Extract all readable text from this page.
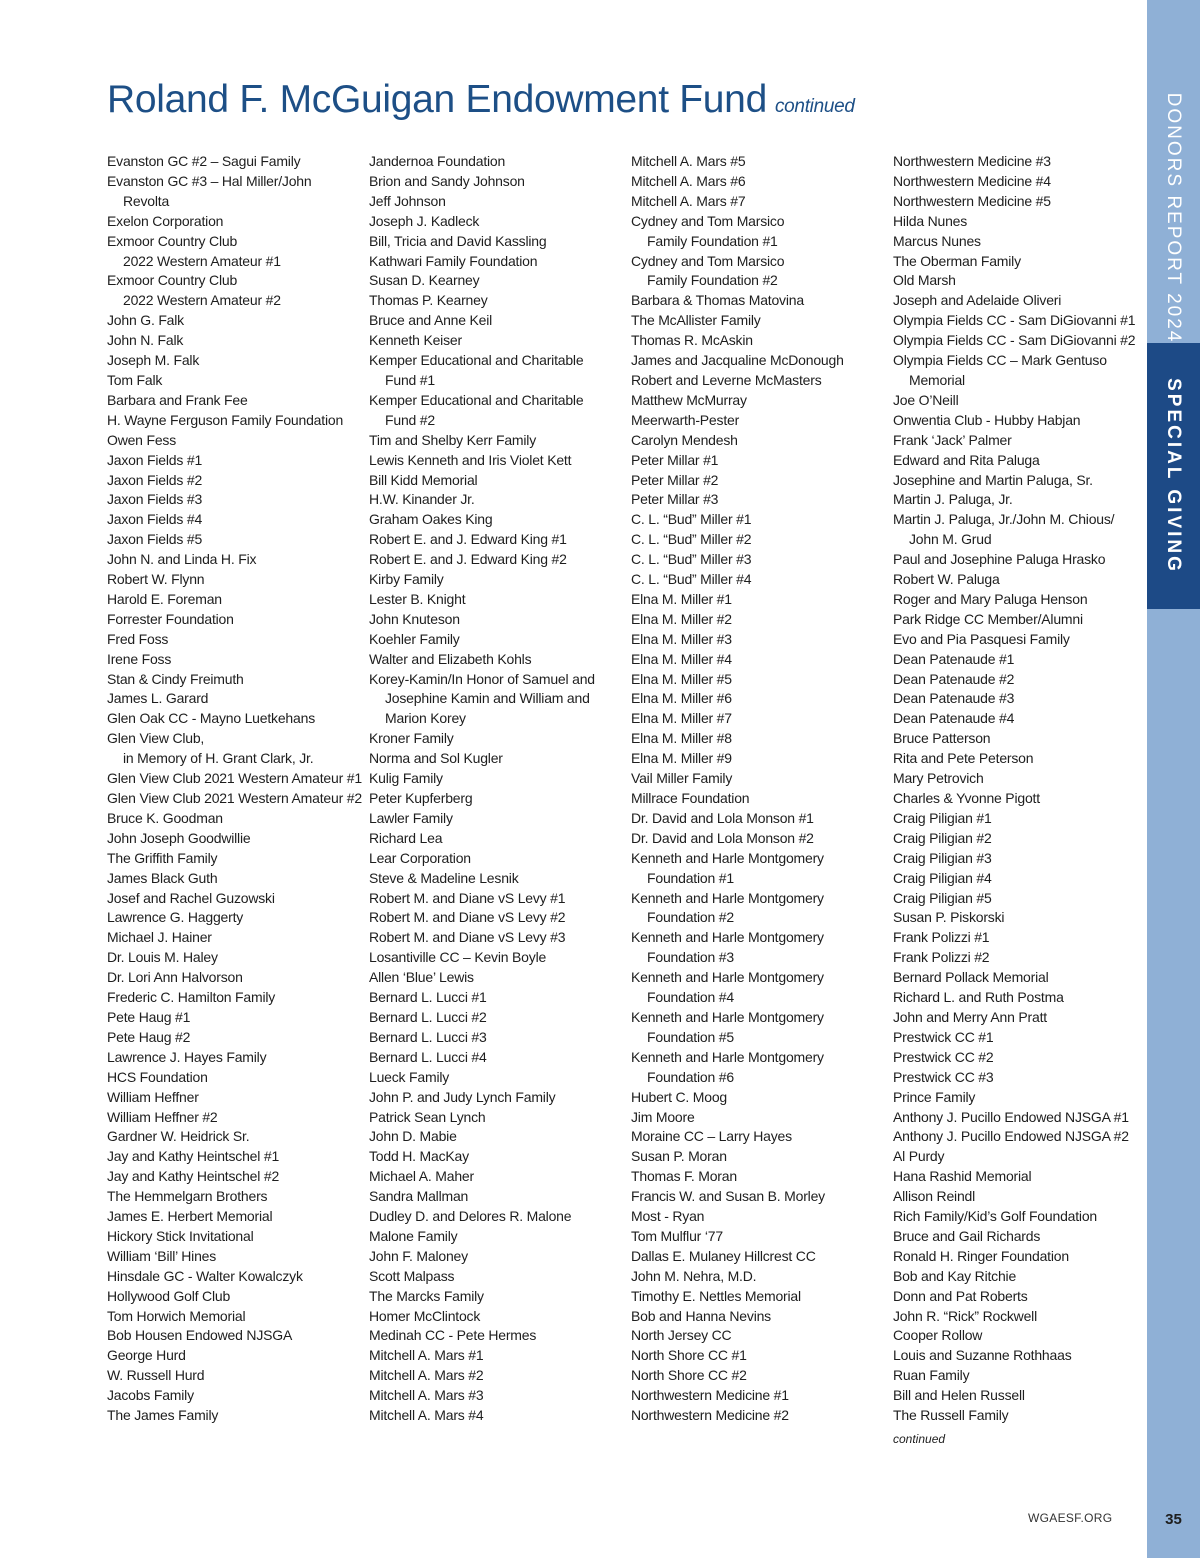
Roland F. McGuigan Endowment Fund continued
Evanston GC #2 – Sagui Family
Evanston GC #3 – Hal Miller/John
Revolta
Exelon Corporation
Exmoor Country Club
2022 Western Amateur #1
Exmoor Country Club
2022 Western Amateur #2
John G. Falk
John N. Falk
Joseph M. Falk
Tom Falk
Barbara and Frank Fee
H. Wayne Ferguson Family Foundation
Owen Fess
Jaxon Fields #1
Jaxon Fields #2
Jaxon Fields #3
Jaxon Fields #4
Jaxon Fields #5
John N. and Linda H. Fix
Robert W. Flynn
Harold E. Foreman
Forrester Foundation
Fred Foss
Irene Foss
Stan & Cindy Freimuth
James L. Garard
Glen Oak CC - Mayno Luetkehans
Glen View Club,
in Memory of H. Grant Clark, Jr.
Glen View Club 2021 Western Amateur #1
Glen View Club 2021 Western Amateur #2
Bruce K. Goodman
John Joseph Goodwillie
The Griffith Family
James Black Guth
Josef and Rachel Guzowski
Lawrence G. Haggerty
Michael J. Hainer
Dr. Louis M. Haley
Dr. Lori Ann Halvorson
Frederic C. Hamilton Family
Pete Haug #1
Pete Haug #2
Lawrence J. Hayes Family
HCS Foundation
William Heffner
William Heffner #2
Gardner W. Heidrick Sr.
Jay and Kathy Heintschel #1
Jay and Kathy Heintschel #2
The Hemmelgarn Brothers
James E. Herbert Memorial
Hickory Stick Invitational
William ‘Bill’ Hines
Hinsdale GC - Walter Kowalczyk
Hollywood Golf Club
Tom Horwich Memorial
Bob Housen Endowed NJSGA
George Hurd
W. Russell Hurd
Jacobs Family
The James Family
Jandernoa Foundation
Brion and Sandy Johnson
Jeff Johnson
Joseph J. Kadleck
Bill, Tricia and David Kassling
Kathwari Family Foundation
Susan D. Kearney
Thomas P. Kearney
Bruce and Anne Keil
Kenneth Keiser
Kemper Educational and Charitable
Fund #1
Kemper Educational and Charitable
Fund #2
Tim and Shelby Kerr Family
Lewis Kenneth and Iris Violet Kett
Bill Kidd Memorial
H.W. Kinander Jr.
Graham Oakes King
Robert E. and J. Edward King #1
Robert E. and J. Edward King #2
Kirby Family
Lester B. Knight
John Knuteson
Koehler Family
Walter and Elizabeth Kohls
Korey-Kamin/In Honor of Samuel and
Josephine Kamin and William and
Marion Korey
Kroner Family
Norma and Sol Kugler
Kulig Family
Peter Kupferberg
Lawler Family
Richard Lea
Lear Corporation
Steve & Madeline Lesnik
Robert M. and Diane vS Levy #1
Robert M. and Diane vS Levy #2
Robert M. and Diane vS Levy #3
Losantiville CC – Kevin Boyle
Allen ‘Blue’ Lewis
Bernard L. Lucci #1
Bernard L. Lucci #2
Bernard L. Lucci #3
Bernard L. Lucci #4
Lueck Family
John P. and Judy Lynch Family
Patrick Sean Lynch
John D. Mabie
Todd H. MacKay
Michael A. Maher
Sandra Mallman
Dudley D. and Delores R. Malone
Malone Family
John F. Maloney
Scott Malpass
The Marcks Family
Homer McClintock
Medinah CC - Pete Hermes
Mitchell A. Mars #1
Mitchell A. Mars #2
Mitchell A. Mars #3
Mitchell A. Mars #4
Mitchell A. Mars #5
Mitchell A. Mars #6
Mitchell A. Mars #7
Cydney and Tom Marsico
Family Foundation #1
Cydney and Tom Marsico
Family Foundation #2
Barbara & Thomas Matovina
The McAllister Family
Thomas R. McAskin
James and Jacqualine McDonough
Robert and Leverne McMasters
Matthew McMurray
Meerwarth-Pester
Carolyn Mendesh
Peter Millar #1
Peter Millar #2
Peter Millar #3
C. L. “Bud” Miller #1
C. L. “Bud” Miller #2
C. L. “Bud” Miller #3
C. L. “Bud” Miller #4
Elna M. Miller #1
Elna M. Miller #2
Elna M. Miller #3
Elna M. Miller #4
Elna M. Miller #5
Elna M. Miller #6
Elna M. Miller #7
Elna M. Miller #8
Elna M. Miller #9
Vail Miller Family
Millrace Foundation
Dr. David and Lola Monson #1
Dr. David and Lola Monson #2
Kenneth and Harle Montgomery
Foundation #1
Kenneth and Harle Montgomery
Foundation #2
Kenneth and Harle Montgomery
Foundation #3
Kenneth and Harle Montgomery
Foundation #4
Kenneth and Harle Montgomery
Foundation #5
Kenneth and Harle Montgomery
Foundation #6
Hubert C. Moog
Jim Moore
Moraine CC – Larry Hayes
Susan P. Moran
Thomas F. Moran
Francis W. and Susan B. Morley
Most - Ryan
Tom Mulflur ‘77
Dallas E. Mulaney Hillcrest CC
John M. Nehra, M.D.
Timothy E. Nettles Memorial
Bob and Hanna Nevins
North Jersey CC
North Shore CC #1
North Shore CC #2
Northwestern Medicine #1
Northwestern Medicine #2
Northwestern Medicine #3
Northwestern Medicine #4
Northwestern Medicine #5
Hilda Nunes
Marcus Nunes
The Oberman Family
Old Marsh
Joseph and Adelaide Oliveri
Olympia Fields CC - Sam DiGiovanni #1
Olympia Fields CC - Sam DiGiovanni #2
Olympia Fields CC – Mark Gentuso
Memorial
Joe O’Neill
Onwentia Club - Hubby Habjan
Frank ‘Jack’ Palmer
Edward and Rita Paluga
Josephine and Martin Paluga, Sr.
Martin J. Paluga, Jr.
Martin J. Paluga, Jr./John M. Chious/
John M. Grud
Paul and Josephine Paluga Hrasko
Robert W. Paluga
Roger and Mary Paluga Henson
Park Ridge CC Member/Alumni
Evo and Pia Pasquesi Family
Dean Patenaude #1
Dean Patenaude #2
Dean Patenaude #3
Dean Patenaude #4
Bruce Patterson
Rita and Pete Peterson
Mary Petrovich
Charles & Yvonne Pigott
Craig Piligian #1
Craig Piligian #2
Craig Piligian #3
Craig Piligian #4
Craig Piligian #5
Susan P. Piskorski
Frank Polizzi #1
Frank Polizzi #2
Bernard Pollack Memorial
Richard L. and Ruth Postma
John and Merry Ann Pratt
Prestwick CC #1
Prestwick CC #2
Prestwick CC #3
Prince Family
Anthony J. Pucillo Endowed NJSGA #1
Anthony J. Pucillo Endowed NJSGA #2
Al Purdy
Hana Rashid Memorial
Allison Reindl
Rich Family/Kid’s Golf Foundation
Bruce and Gail Richards
Ronald H. Ringer Foundation
Bob and Kay Ritchie
Donn and Pat Roberts
John R. “Rick” Rockwell
Cooper Rollow
Louis and Suzanne Rothhaas
Ruan Family
Bill and Helen Russell
The Russell Family
continued
WGAESF.ORG
DONORS REPORT 2024
SPECIAL GIVING
35
